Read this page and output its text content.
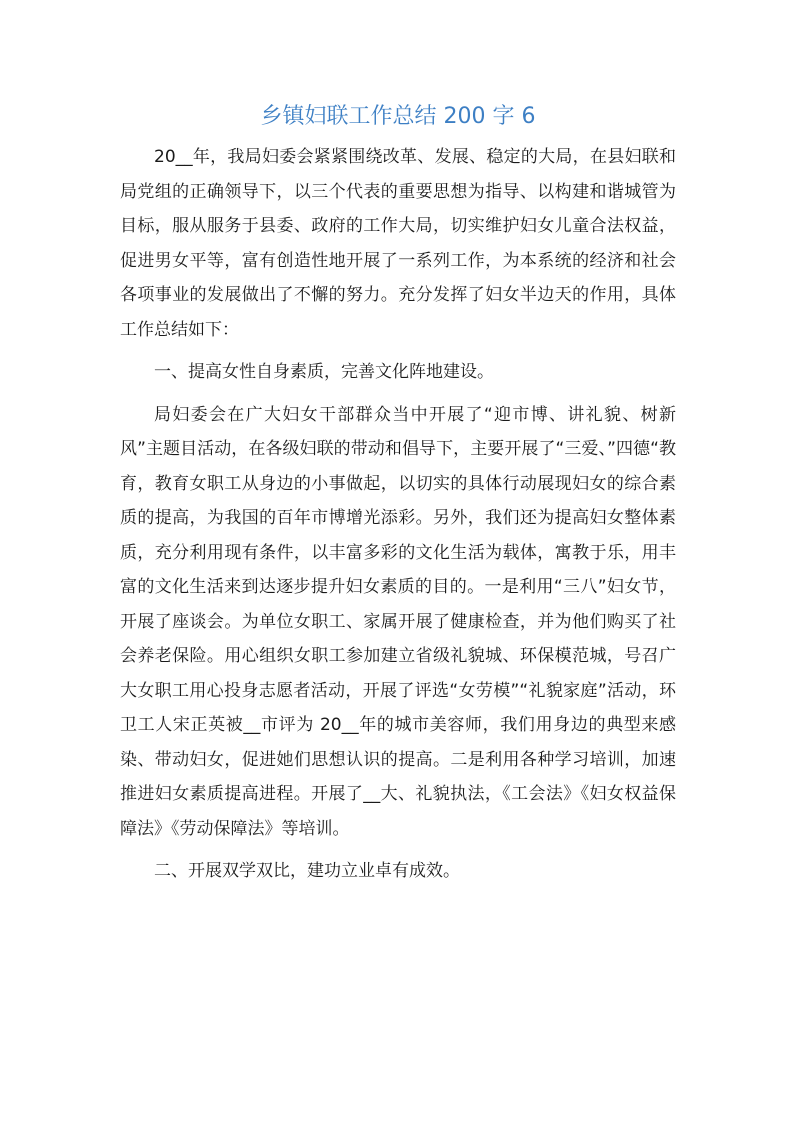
乡镇妇联工作总结 200 字 6

20__年，我局妇委会紧紧围绕改革、发展、稳定的大局，在县妇联和局党组的正确领导下，以三个代表的重要思想为指导、以构建和谐城管为目标，服从服务于县委、政府的工作大局，切实维护妇女儿童合法权益，促进男女平等，富有创造性地开展了一系列工作，为本系统的经济和社会各项事业的发展做出了不懈的努力。充分发挥了妇女半边天的作用，具体工作总结如下：

一、提高女性自身素质，完善文化阵地建设。

局妇委会在广大妇女干部群众当中开展了“迎市博、讲礼貌、树新风”主题目活动，在各级妇联的带动和倡导下，主要开展了“三爱、”四德“教育，教育女职工从身边的小事做起，以切实的具体行动展现妇女的综合素质的提高，为我国的百年市博增光添彩。另外，我们还为提高妇女整体素质，充分利用现有条件，以丰富多彩的文化生活为载体，寓教于乐，用丰富的文化生活来到达逐步提升妇女素质的目的。一是利用“三八”妇女节，开展了座谈会。为单位女职工、家属开展了健康检查，并为他们购买了社会养老保险。用心组织女职工参加建立省级礼貌城、环保模范城，号召广大女职工用心投身志愿者活动，开展了评选“女劳模”“礼貌家庭”活动，环卫工人宋正英被__市评为 20__年的城市美容师，我们用身边的典型来感染、带动妇女，促进她们思想认识的提高。二是利用各种学习培训，加速推进妇女素质提高进程。开展了__大、礼貌执法，《工会法》《妇女权益保障法》《劳动保障法》等培训。

二、开展双学双比，建功立业卓有成效。
